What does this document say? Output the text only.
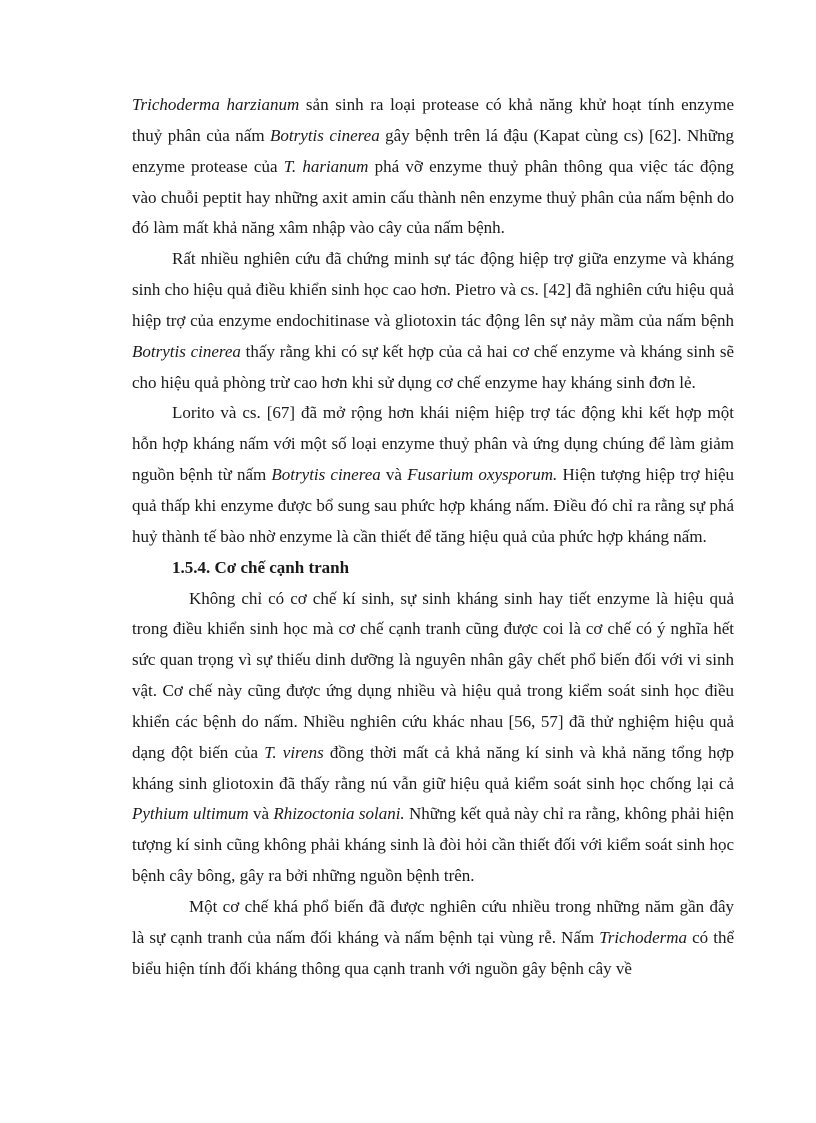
Trichoderma harzianum sản sinh ra loại protease có khả năng khử hoạt tính enzyme thuỷ phân của nấm Botrytis cinerea gây bệnh trên lá đậu (Kapat cùng cs) [62]. Những enzyme protease của T. harianum phá vỡ enzyme thuỷ phân thông qua việc tác động vào chuỗi peptit hay những axit amin cấu thành nên enzyme thuỷ phân của nấm bệnh do đó làm mất khả năng xâm nhập vào cây của nấm bệnh.

Rất nhiều nghiên cứu đã chứng minh sự tác động hiệp trợ giữa enzyme và kháng sinh cho hiệu quả điều khiển sinh học cao hơn. Pietro và cs. [42] đã nghiên cứu hiệu quả hiệp trợ của enzyme endochitinase và gliotoxin tác động lên sự nảy mầm của nấm bệnh Botrytis cinerea thấy rằng khi có sự kết hợp của cả hai cơ chế enzyme và kháng sinh sẽ cho hiệu quả phòng trừ cao hơn khi sử dụng cơ chế enzyme hay kháng sinh đơn lẻ.

Lorito và cs. [67] đã mở rộng hơn khái niệm hiệp trợ tác động khi kết hợp một hỗn hợp kháng nấm với một số loại enzyme thuỷ phân và ứng dụng chúng để làm giảm nguồn bệnh từ nấm Botrytis cinerea và Fusarium oxysporum. Hiện tượng hiệp trợ hiệu quả thấp khi enzyme được bổ sung sau phức hợp kháng nấm. Điều đó chỉ ra rằng sự phá huỷ thành tế bào nhờ enzyme là cần thiết để tăng hiệu quả của phức hợp kháng nấm.

1.5.4. Cơ chế cạnh tranh

Không chỉ có cơ chế kí sinh, sự sinh kháng sinh hay tiết enzyme là hiệu quả trong điều khiển sinh học mà cơ chế cạnh tranh cũng được coi là cơ chế có ý nghĩa hết sức quan trọng vì sự thiếu dinh dưỡng là nguyên nhân gây chết phổ biến đối với vi sinh vật. Cơ chế này cũng được ứng dụng nhiều và hiệu quả trong kiểm soát sinh học điều khiển các bệnh do nấm. Nhiều nghiên cứu khác nhau [56, 57] đã thử nghiệm hiệu quả dạng đột biến của T. virens đồng thời mất cả khả năng kí sinh và khả năng tổng hợp kháng sinh gliotoxin đã thấy rằng nú vẫn giữ hiệu quả kiểm soát sinh học chống lại cả Pythium ultimum và Rhizoctonia solani. Những kết quả này chỉ ra rằng, không phải hiện tượng kí sinh cũng không phải kháng sinh là đòi hỏi cần thiết đối với kiểm soát sinh học bệnh cây bông, gây ra bởi những nguồn bệnh trên.

Một cơ chế khá phổ biến đã được nghiên cứu nhiều trong những năm gần đây là sự cạnh tranh của nấm đối kháng và nấm bệnh tại vùng rễ. Nấm Trichoderma có thể biểu hiện tính đối kháng thông qua cạnh tranh với nguồn gây bệnh cây về
